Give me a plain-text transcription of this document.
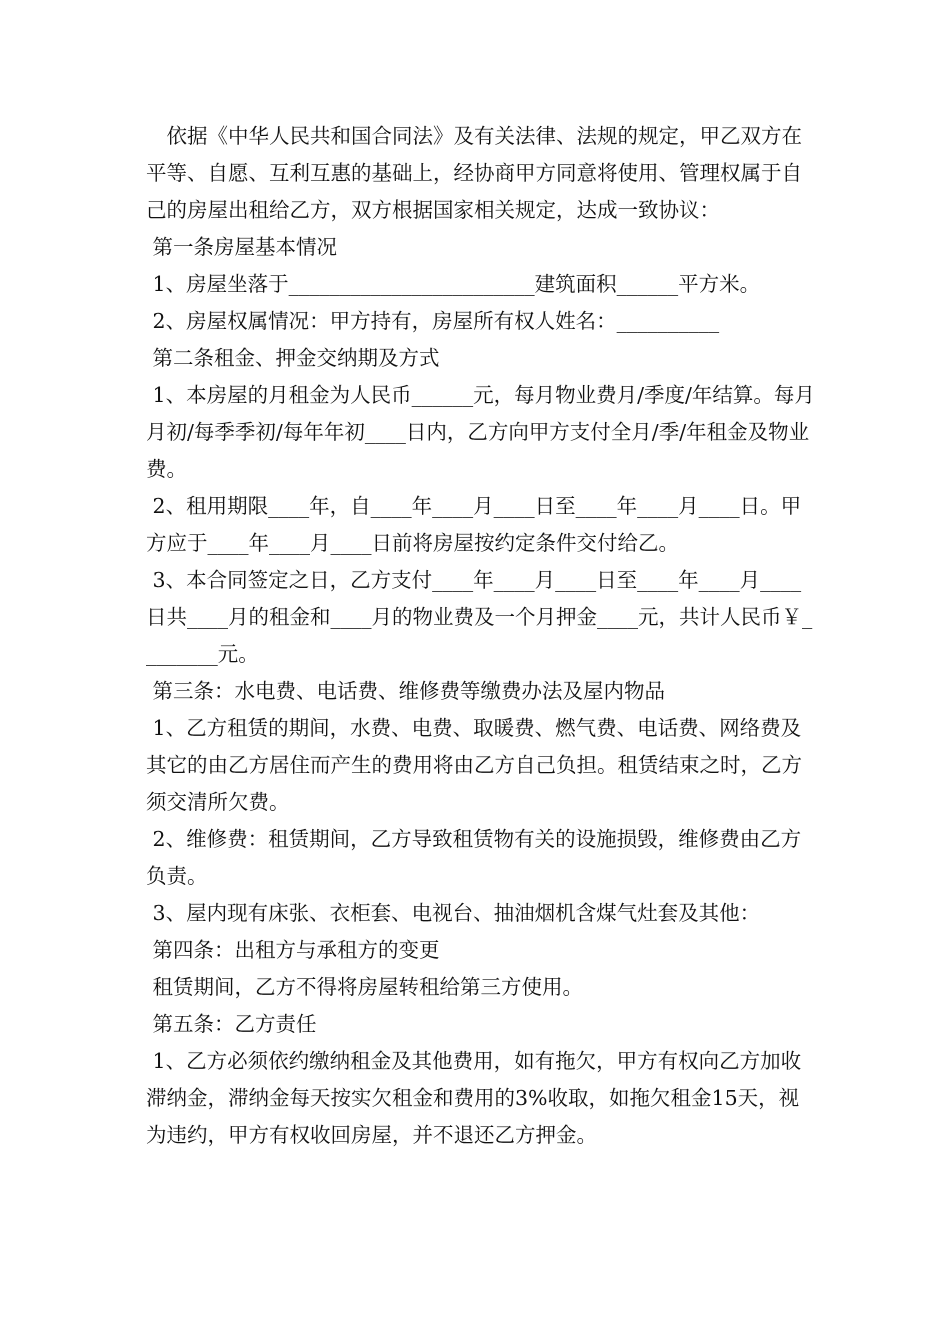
　依据《中华人民共和国合同法》及有关法律、法规的规定，甲乙双方在平等、自愿、互利互惠的基础上，经协商甲方同意将使用、管理权属于自己的房屋出租给乙方，双方根据国家相关规定，达成一致协议：

第一条房屋基本情况

1、房屋坐落于________________________建筑面积______平方米。

2、房屋权属情况：甲方持有，房屋所有权人姓名：__________

第二条租金、押金交纳期及方式

1、本房屋的月租金为人民币______元，每月物业费月/季度/年结算。每月月初/每季季初/每年年初____日内，乙方向甲方支付全月/季/年租金及物业费。

2、租用期限____年，自____年____月____日至____年____月____日。甲方应于____年____月____日前将房屋按约定条件交付给乙。

3、本合同签定之日，乙方支付____年____月____日至____年____月____日共____月的租金和____月的物业费及一个月押金____元，共计人民币￥________元。

第三条：水电费、电话费、维修费等缴费办法及屋内物品

1、乙方租赁的期间，水费、电费、取暖费、燃气费、电话费、网络费及其它的由乙方居住而产生的费用将由乙方自己负担。租赁结束之时，乙方须交清所欠费。

2、维修费：租赁期间，乙方导致租赁物有关的设施损毁，维修费由乙方负责。

3、屋内现有床张、衣柜套、电视台、抽油烟机含煤气灶套及其他：

第四条：出租方与承租方的变更

租赁期间，乙方不得将房屋转租给第三方使用。

第五条：乙方责任

1、乙方必须依约缴纳租金及其他费用，如有拖欠，甲方有权向乙方加收滞纳金，滞纳金每天按实欠租金和费用的3%收取，如拖欠租金15天，视为违约，甲方有权收回房屋，并不退还乙方押金。
